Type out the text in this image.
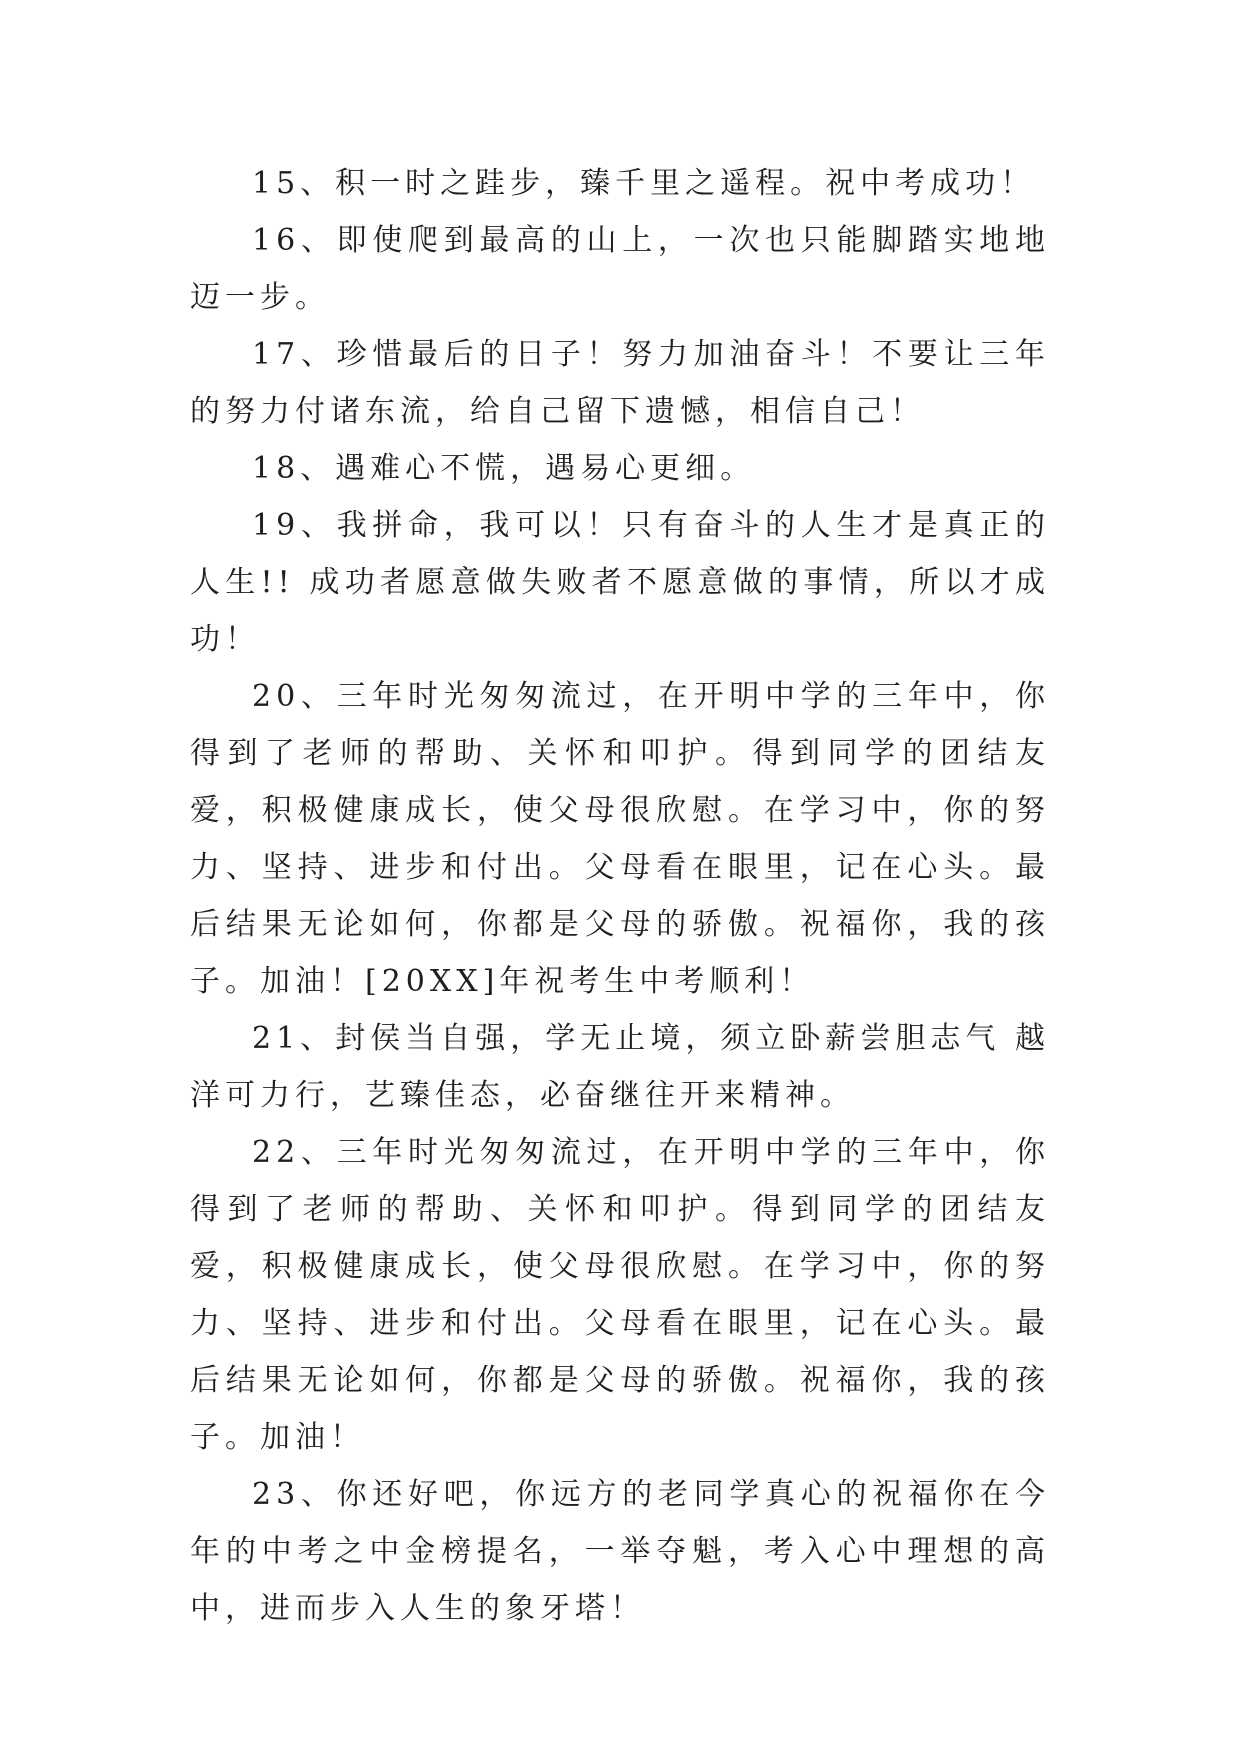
15、积一时之跬步，臻千里之遥程。祝中考成功！

16、即使爬到最高的山上，一次也只能脚踏实地地迈一步。

17、珍惜最后的日子！努力加油奋斗！不要让三年的努力付诸东流，给自己留下遗憾，相信自己！

18、遇难心不慌，遇易心更细。

19、我拼命，我可以！只有奋斗的人生才是真正的人生!! 成功者愿意做失败者不愿意做的事情，所以才成功！

20、三年时光匆匆流过，在开明中学的三年中，你得到了老师的帮助、关怀和叩护。得到同学的团结友爱，积极健康成长，使父母很欣慰。在学习中，你的努力、坚持、进步和付出。父母看在眼里，记在心头。最后结果无论如何，你都是父母的骄傲。祝福你，我的孩子。加油！[20XX]年祝考生中考顺利！

21、封侯当自强，学无止境，须立卧薪尝胆志气 越洋可力行，艺臻佳态，必奋继往开来精神。

22、三年时光匆匆流过，在开明中学的三年中，你得到了老师的帮助、关怀和叩护。得到同学的团结友爱，积极健康成长，使父母很欣慰。在学习中，你的努力、坚持、进步和付出。父母看在眼里，记在心头。最后结果无论如何，你都是父母的骄傲。祝福你，我的孩子。加油！

23、你还好吧，你远方的老同学真心的祝福你在今年的中考之中金榜提名，一举夺魁，考入心中理想的高中，进而步入人生的象牙塔！
